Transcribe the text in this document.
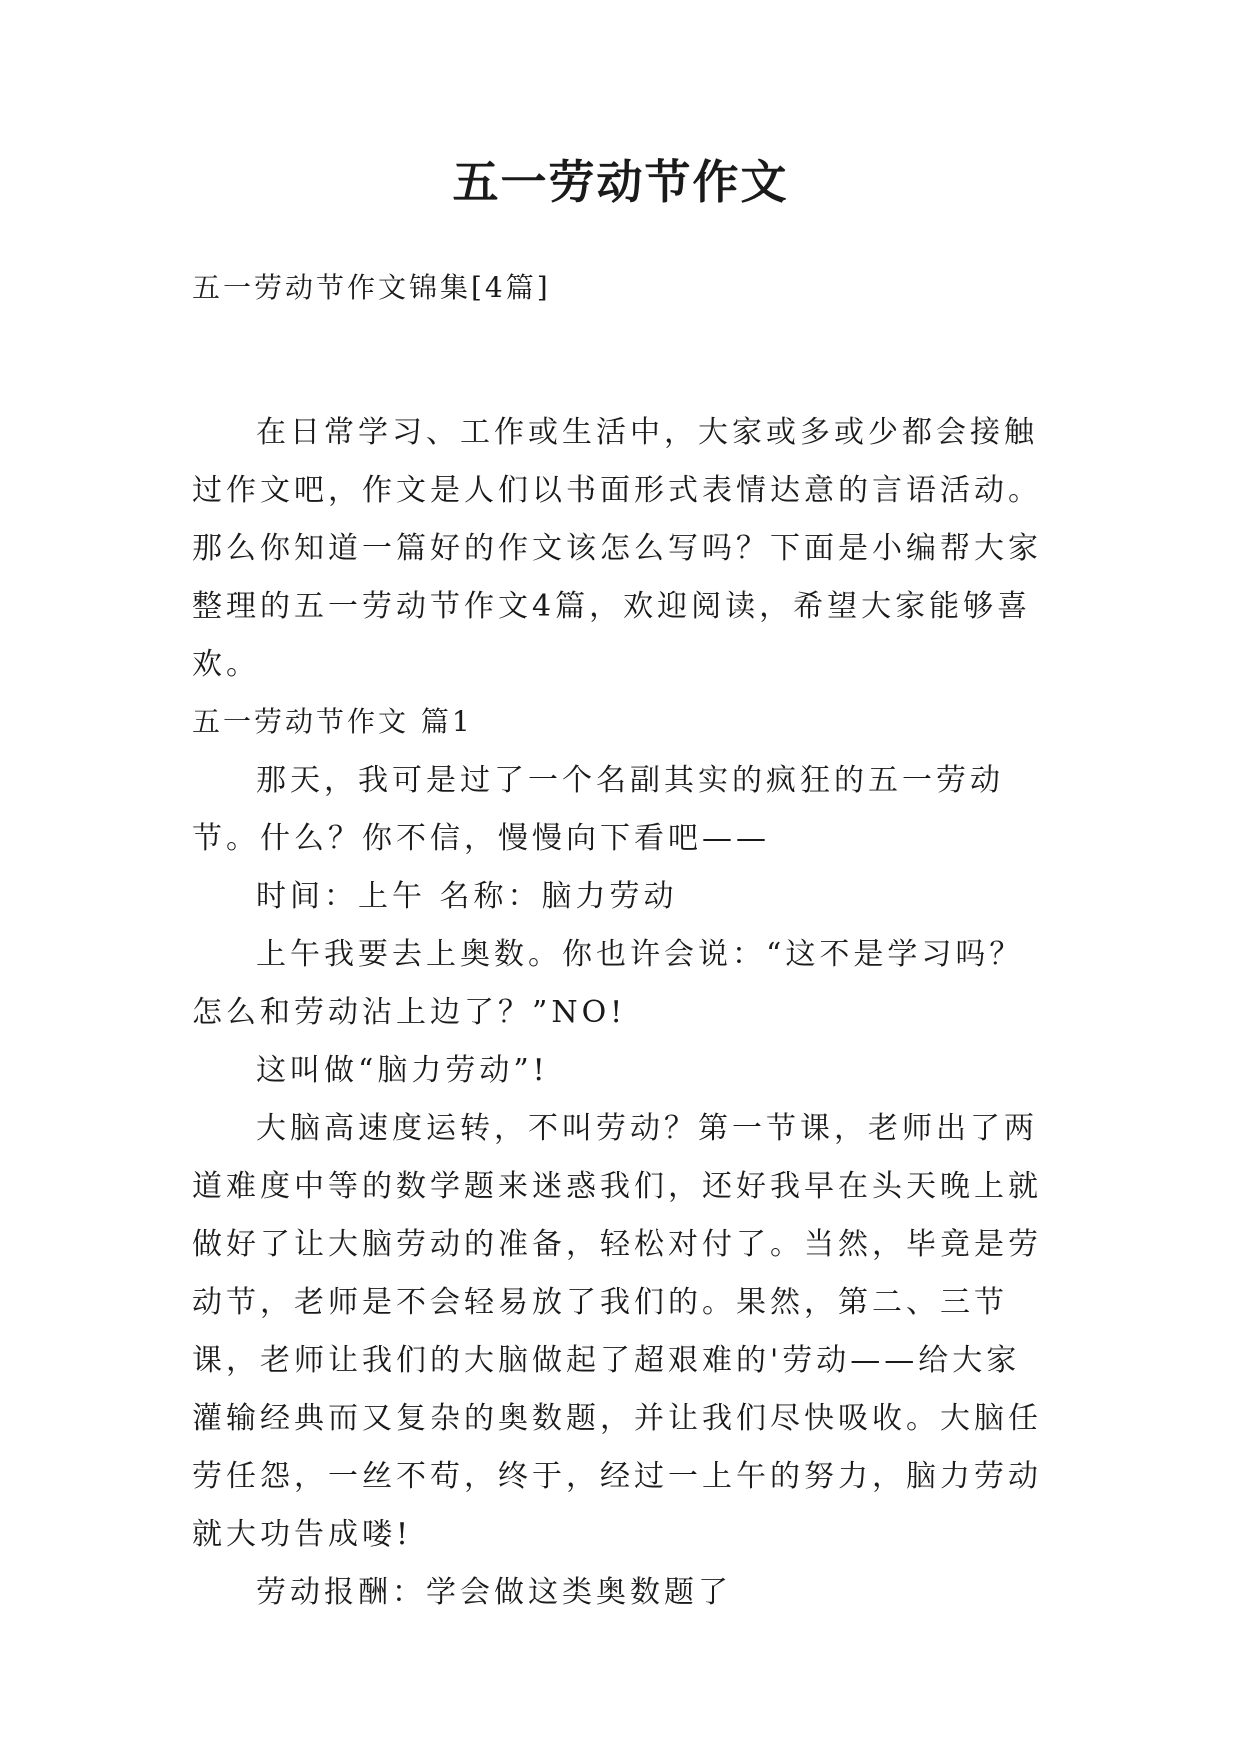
五一劳动节作文
五一劳动节作文锦集[4篇]

在日常学习、工作或生活中，大家或多或少都会接触过作文吧，作文是人们以书面形式表情达意的言语活动。那么你知道一篇好的作文该怎么写吗？下面是小编帮大家整理的五一劳动节作文4篇，欢迎阅读，希望大家能够喜欢。

五一劳动节作文 篇1

那天，我可是过了一个名副其实的疯狂的五一劳动节。什么？你不信，慢慢向下看吧——

时间：上午 名称：脑力劳动

上午我要去上奥数。你也许会说：“这不是学习吗？怎么和劳动沾上边了？”NO!

这叫做“脑力劳动”!

大脑高速度运转，不叫劳动？第一节课，老师出了两道难度中等的数学题来迷惑我们，还好我早在头天晚上就做好了让大脑劳动的准备，轻松对付了。当然，毕竟是劳动节，老师是不会轻易放了我们的。果然，第二、三节课，老师让我们的大脑做起了超艰难的'劳动——给大家灌输经典而又复杂的奥数题，并让我们尽快吸收。大脑任劳任怨，一丝不苟，终于，经过一上午的努力，脑力劳动就大功告成喽!

劳动报酬：学会做这类奥数题了
